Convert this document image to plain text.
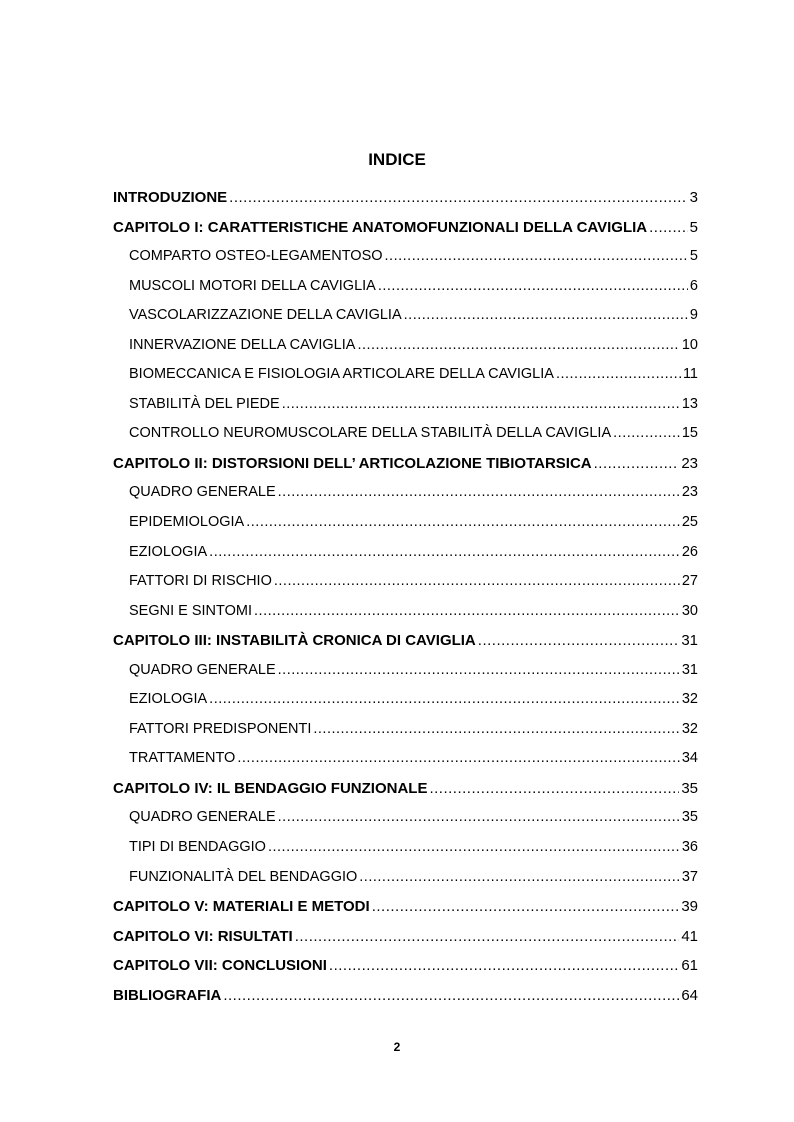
INDICE
INTRODUZIONE .....	3
CAPITOLO I: CARATTERISTICHE ANATOMOFUNZIONALI DELLA CAVIGLIA .....	5
COMPARTO OSTEO-LEGAMENTOSO .....	5
MUSCOLI MOTORI DELLA CAVIGLIA .....	6
VASCOLARIZZAZIONE DELLA CAVIGLIA .....	9
INNERVAZIONE DELLA CAVIGLIA .....	10
BIOMECCANICA E FISIOLOGIA ARTICOLARE DELLA CAVIGLIA .....	11
STABILITÀ DEL PIEDE .....	13
CONTROLLO NEUROMUSCOLARE DELLA STABILITÀ DELLA CAVIGLIA .....	15
CAPITOLO II: DISTORSIONI DELL’ ARTICOLAZIONE TIBIOTARSICA .....	23
QUADRO GENERALE .....	23
EPIDEMIOLOGIA .....	25
EZIOLOGIA .....	26
FATTORI DI RISCHIO .....	27
SEGNI E SINTOMI .....	30
CAPITOLO III: INSTABILITÀ CRONICA DI CAVIGLIA .....	31
QUADRO GENERALE .....	31
EZIOLOGIA .....	32
FATTORI PREDISPONENTI .....	32
TRATTAMENTO .....	34
CAPITOLO IV: IL BENDAGGIO FUNZIONALE .....	35
QUADRO GENERALE .....	35
TIPI DI BENDAGGIO .....	36
FUNZIONALITÀ DEL BENDAGGIO .....	37
CAPITOLO V: MATERIALI E METODI .....	39
CAPITOLO VI: RISULTATI .....	41
CAPITOLO VII: CONCLUSIONI .....	61
BIBLIOGRAFIA .....	64
2
